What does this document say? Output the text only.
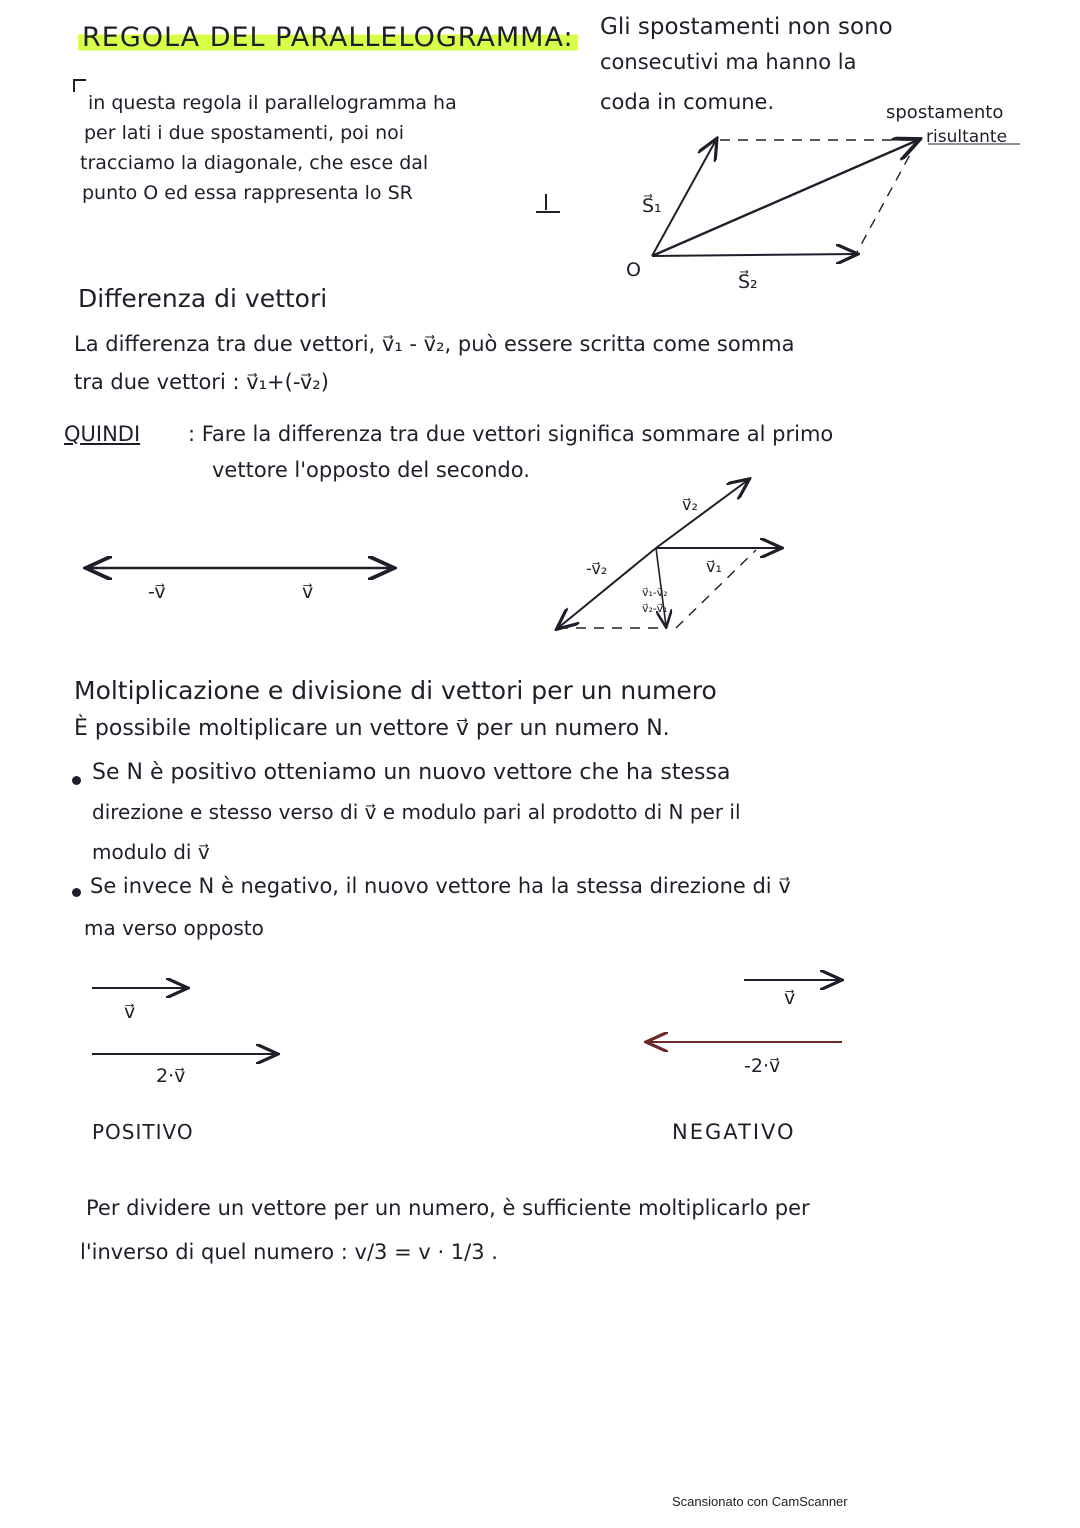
REGOLA DEL PARALLELOGRAMMA: Gli spostamenti non sono
consecutivi ma hanno la
coda in comune.
in questa regola il parallelogramma ha
per lati i due spostamenti, poi noi
tracciamo la diagonale, che esce dal
punto O ed essa rappresenta lo SR
Differenza di vettori
La differenza tra due vettori, v⃗₁ - v⃗₂, può essere scritta come somma
tra due vettori : v⃗₁+(-v⃗₂)
QUINDI : Fare la differenza tra due vettori significa sommare al primo
vettore l'opposto del secondo.
Moltiplicazione e divisione di vettori per un numero
È possibile moltiplicare un vettore v⃗ per un numero N.
Se N è positivo otteniamo un nuovo vettore che ha stessa
direzione e stesso verso di v⃗ e modulo pari al prodotto di N per il
modulo di v⃗
Se invece N è negativo, il nuovo vettore ha la stessa direzione di v⃗
ma verso opposto
POSITIVO	NEGATIVO
Per dividere un vettore per un numero, è sufficiente moltiplicarlo per
l'inverso di quel numero : v/3 = v · 1/3 .
Scansionato con CamScanner
S⃗₁
S⃗₂
O
spostamento
risultante
-v⃗	v⃗
v⃗₂
-v⃗₂	v⃗₁
v⃗₁-v⃗₂
v⃗₂-v⃗₁
v⃗
2·v⃗
v⃗
-2·v⃗
